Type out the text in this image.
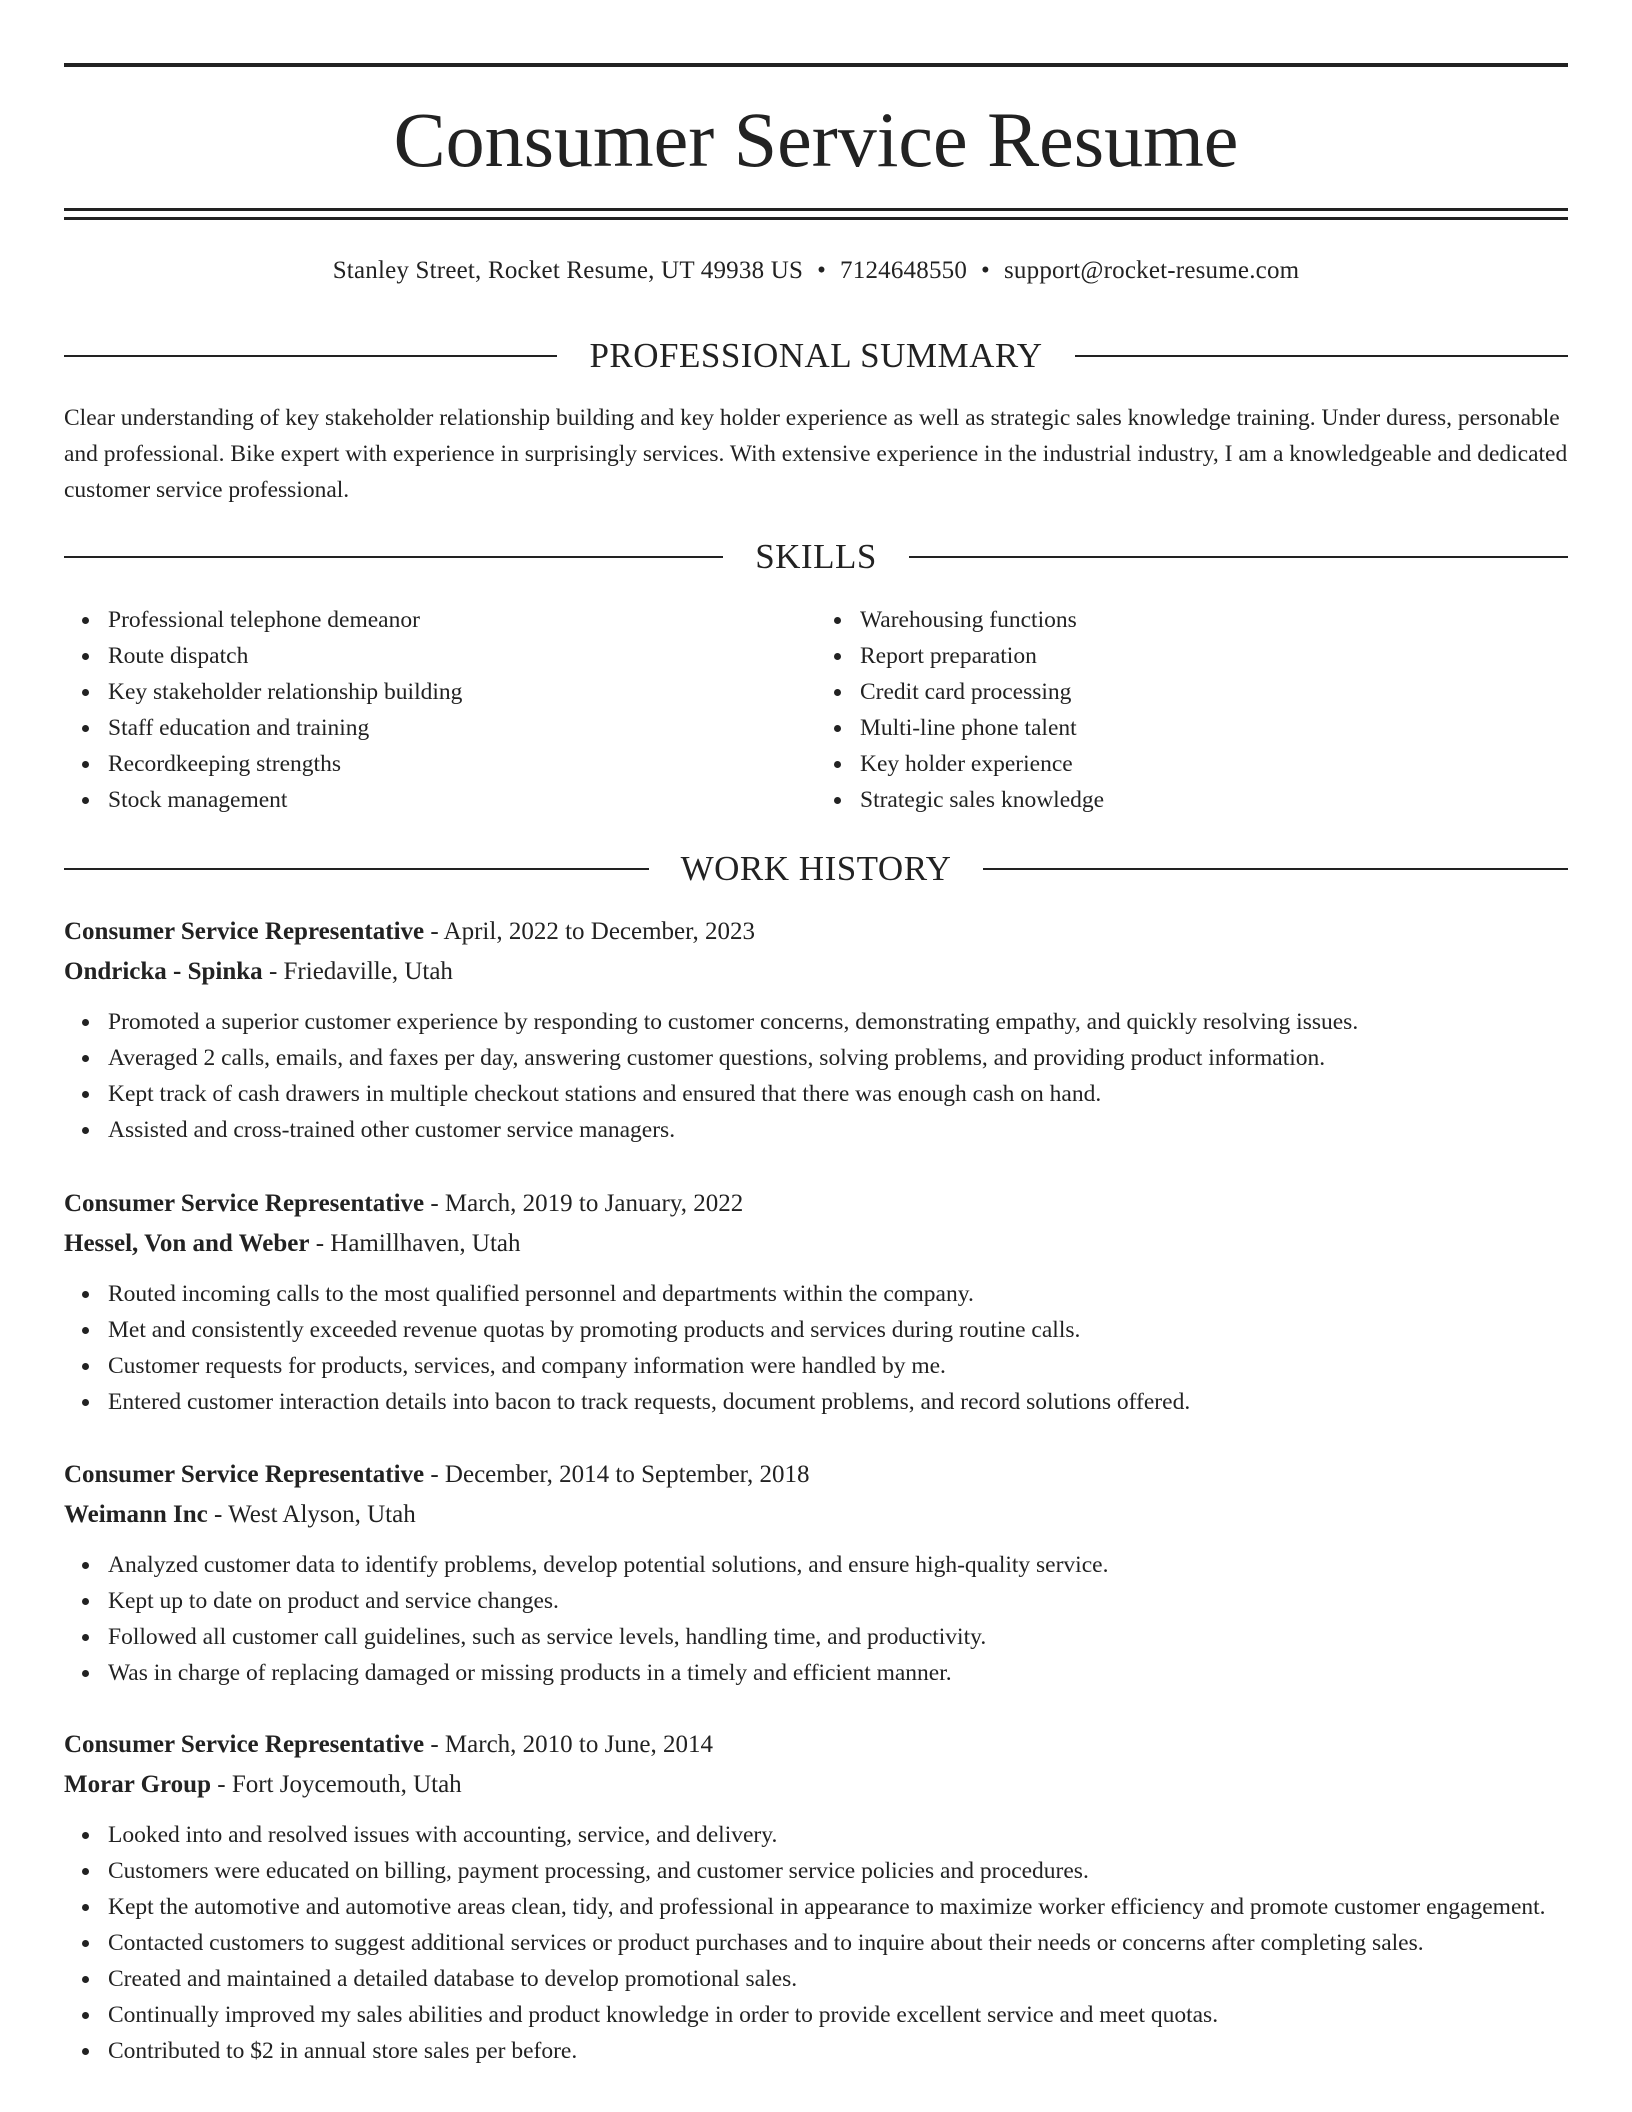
Consumer Service Resume
Stanley Street, Rocket Resume, UT 49938 US • 7124648550 • support@rocket-resume.com
PROFESSIONAL SUMMARY

Clear understanding of key stakeholder relationship building and key holder experience as well as strategic sales knowledge training. Under duress, personable and professional. Bike expert with experience in surprisingly services. With extensive experience in the industrial industry, I am a knowledgeable and dedicated customer service professional.

SKILLS
Professional telephone demeanor
Route dispatch
Key stakeholder relationship building
Staff education and training
Recordkeeping strengths
Stock management
Warehousing functions
Report preparation
Credit card processing
Multi-line phone talent
Key holder experience
Strategic sales knowledge
WORK HISTORY
Consumer Service Representative - April, 2022 to December, 2023
Ondricka - Spinka - Friedaville, Utah
Promoted a superior customer experience by responding to customer concerns, demonstrating empathy, and quickly resolving issues.
Averaged 2 calls, emails, and faxes per day, answering customer questions, solving problems, and providing product information.
Kept track of cash drawers in multiple checkout stations and ensured that there was enough cash on hand.
Assisted and cross-trained other customer service managers.
Consumer Service Representative - March, 2019 to January, 2022
Hessel, Von and Weber - Hamillhaven, Utah
Routed incoming calls to the most qualified personnel and departments within the company.
Met and consistently exceeded revenue quotas by promoting products and services during routine calls.
Customer requests for products, services, and company information were handled by me.
Entered customer interaction details into bacon to track requests, document problems, and record solutions offered.
Consumer Service Representative - December, 2014 to September, 2018
Weimann Inc - West Alyson, Utah
Analyzed customer data to identify problems, develop potential solutions, and ensure high-quality service.
Kept up to date on product and service changes.
Followed all customer call guidelines, such as service levels, handling time, and productivity.
Was in charge of replacing damaged or missing products in a timely and efficient manner.
Consumer Service Representative - March, 2010 to June, 2014
Morar Group - Fort Joycemouth, Utah
Looked into and resolved issues with accounting, service, and delivery.
Customers were educated on billing, payment processing, and customer service policies and procedures.
Kept the automotive and automotive areas clean, tidy, and professional in appearance to maximize worker efficiency and promote customer engagement.
Contacted customers to suggest additional services or product purchases and to inquire about their needs or concerns after completing sales.
Created and maintained a detailed database to develop promotional sales.
Continually improved my sales abilities and product knowledge in order to provide excellent service and meet quotas.
Contributed to $2 in annual store sales per before.
